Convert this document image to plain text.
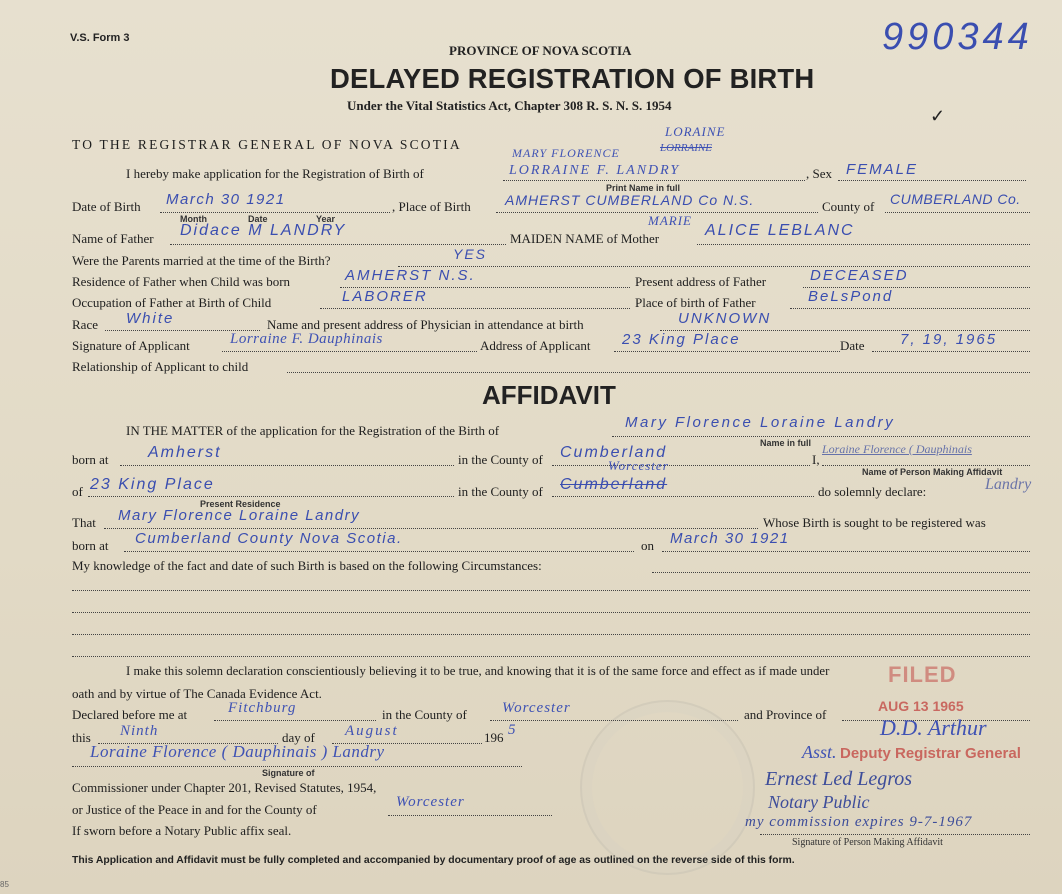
V.S. Form 3
PROVINCE OF NOVA SCOTIA
DELAYED REGISTRATION OF BIRTH
Under the Vital Statistics Act, Chapter 308 R. S. N. S. 1954
990344
✓
TO THE REGISTRAR GENERAL OF NOVA SCOTIA
I hereby make application for the Registration of Birth of
LORAINE
MARY FLORENCE	LORRAINE
LORRAINE F. LANDRY
Print Name in full
, Sex FEMALE
Date of Birth March 30 1921
Month	Date	Year
, Place of Birth AMHERST CUMBERLAND Co N.S.	County of CUMBERLAND Co.
Name of Father Didace M LANDRY	MAIDEN NAME of Mother
MARIE
ALICE LEBLANC
Were the Parents married at the time of the Birth?	YES
Residence of Father when Child was born	AMHERST N.S.	Present address of Father	DECEASED
Occupation of Father at Birth of Child	LABORER	Place of birth of Father	BeLsPond
Race White	Name and present address of Physician in attendance at birth	UNKNOWN
Signature of Applicant	Lorraine F. Dauphinais	Address of Applicant 23 King Place	Date 7, 19, 1965
Relationship of Applicant to child
AFFIDAVIT
IN THE MATTER of the application for the Registration of the Birth of	Mary Florence Loraine Landry
Name in full
born at Amherst	in the County of Cumberland	I,
Loraine Florence ( Dauphinais
Name of Person Making Affidavit
of 23 King Place
Present Residence
in the County of
Worcester
Cumberland	do solemnly declare:	Landry
That Mary Florence Loraine Landry	Whose Birth is sought to be registered was
born at Cumberland County Nova Scotia.	on March 30 1921
My knowledge of the fact and date of such Birth is based on the following Circumstances:
I make this solemn declaration conscientiously believing it to be true, and knowing that it is of the same force and effect as if made under
oath and by virtue of The Canada Evidence Act.
FILED
Declared before me at	Fitchburg	in the County of Worcester	and Province of
AUG 13 1965
this Ninth	day of August	196 5	D.D. Arthur
Asst. Deputy Registrar General
Loraine Florence ( Dauphinais ) Landry
Signature of
Commissioner under Chapter 201, Revised Statutes, 1954,
or Justice of the Peace in and for the County of	Worcester
If sworn before a Notary Public affix seal.
Ernest Led Legros
Notary Public
my commission expires 9-7-1967
Signature of Person Making Affidavit
This Application and Affidavit must be fully completed and accompanied by documentary proof of age as outlined on the reverse side of this form.
85
